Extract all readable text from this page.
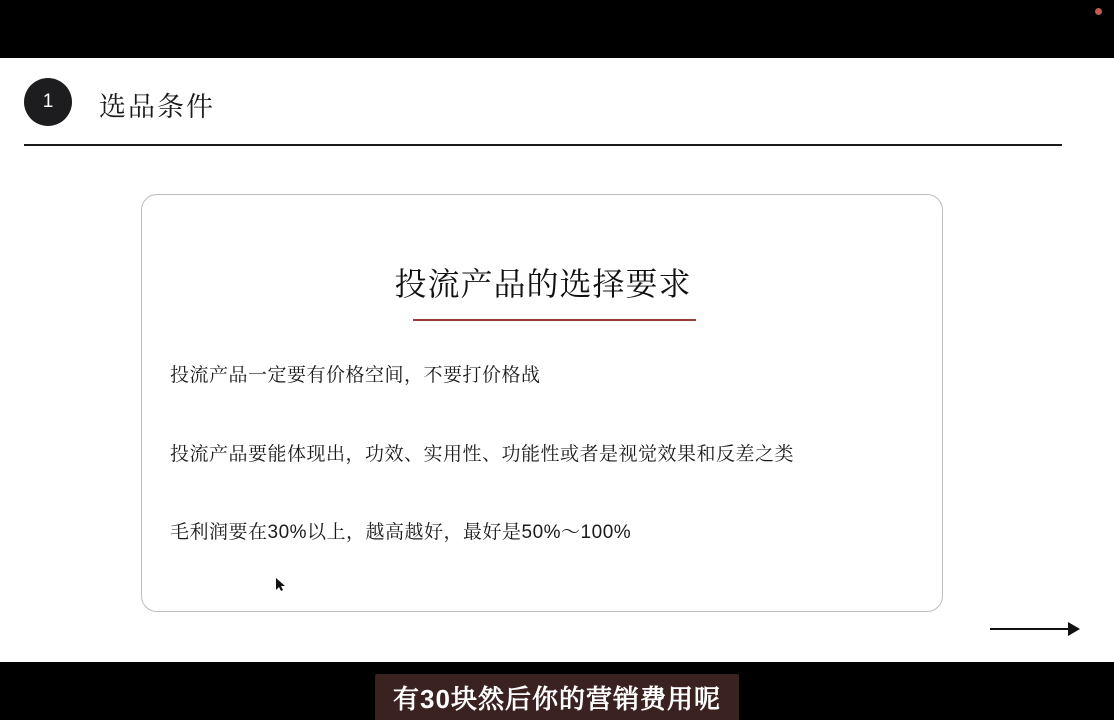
1 选品条件
投流产品的选择要求
投流产品一定要有价格空间，不要打价格战
投流产品要能体现出，功效、实用性、功能性或者是视觉效果和反差之类
毛利润要在30%以上，越高越好，最好是50%～100%
有30块然后你的营销费用呢
